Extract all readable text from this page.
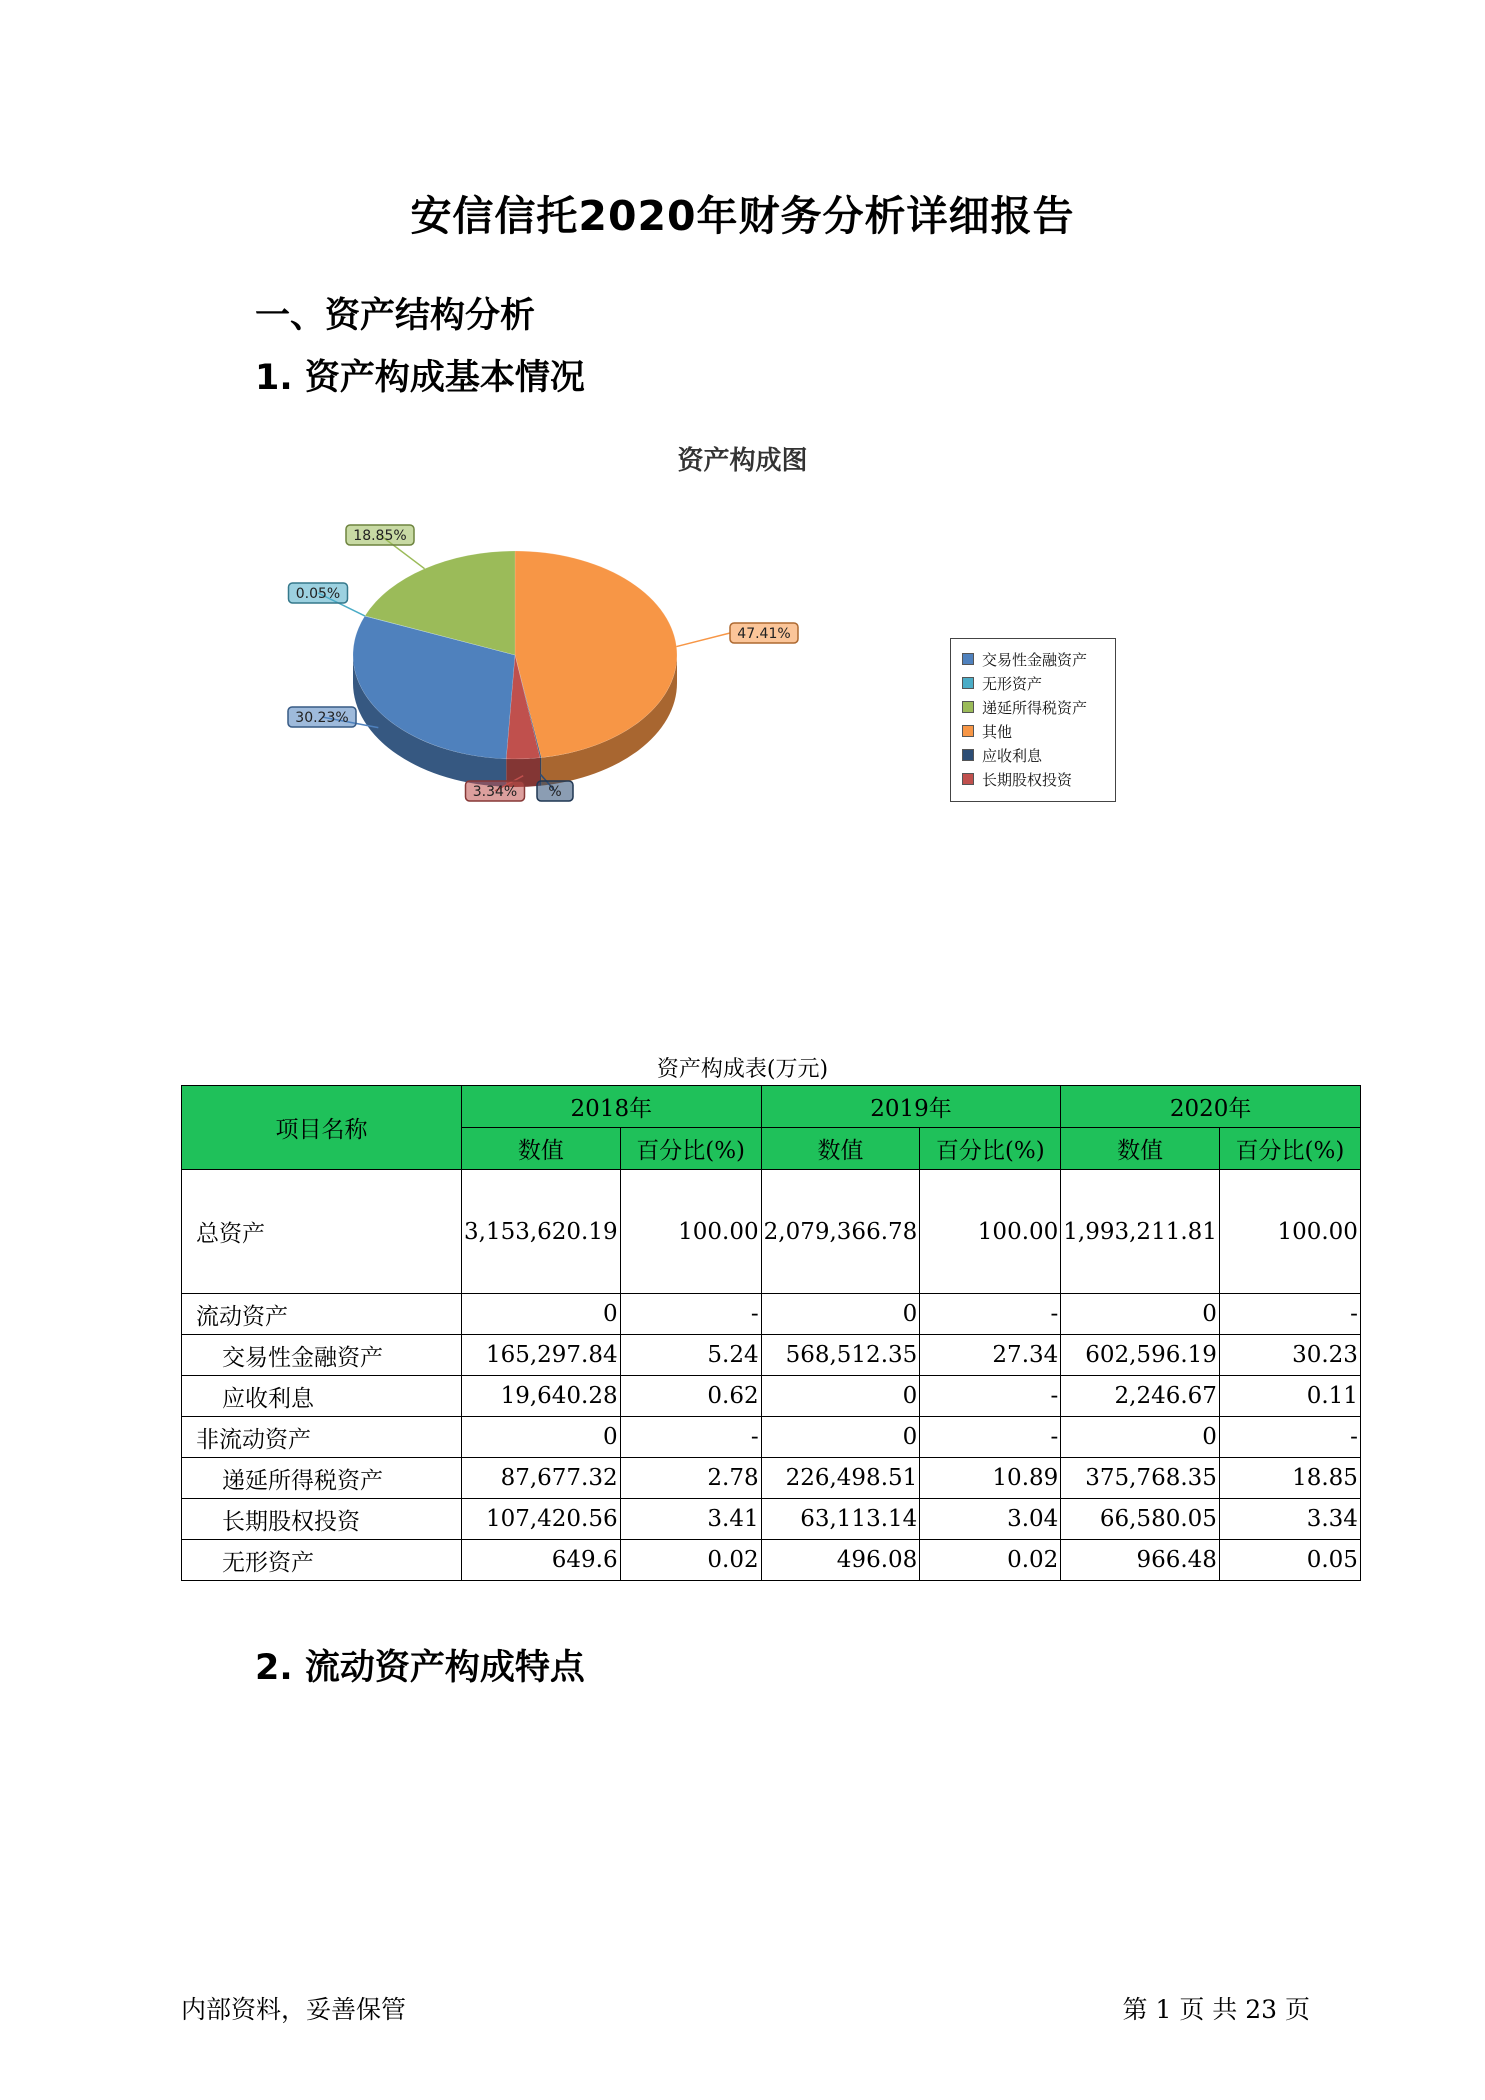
安信信托2020年财务分析详细报告
一、资产结构分析
1. 资产构成基本情况
资产构成图
47.41%
%
3.34%
30.23%
0.05%
18.85%
交易性金融资产
无形资产
递延所得税资产
其他
应收利息
长期股权投资
资产构成表(万元)
项目名称	2018年		2019年		2020年	
	数值	百分比(%)	数值	百分比(%)	数值	百分比(%)
总资产	3,153,620.19	100.00	2,079,366.78	100.00	1,993,211.81	100.00
流动资产	0	-	0	-	0	-
交易性金融资产	165,297.84	5.24	568,512.35	27.34	602,596.19	30.23
应收利息	19,640.28	0.62	0	-	2,246.67	0.11
非流动资产	0	-	0	-	0	-
递延所得税资产	87,677.32	2.78	226,498.51	10.89	375,768.35	18.85
长期股权投资	107,420.56	3.41	63,113.14	3.04	66,580.05	3.34
无形资产	649.6	0.02	496.08	0.02	966.48	0.05
2. 流动资产构成特点
内部资料，妥善保管	第 1 页 共 23 页
